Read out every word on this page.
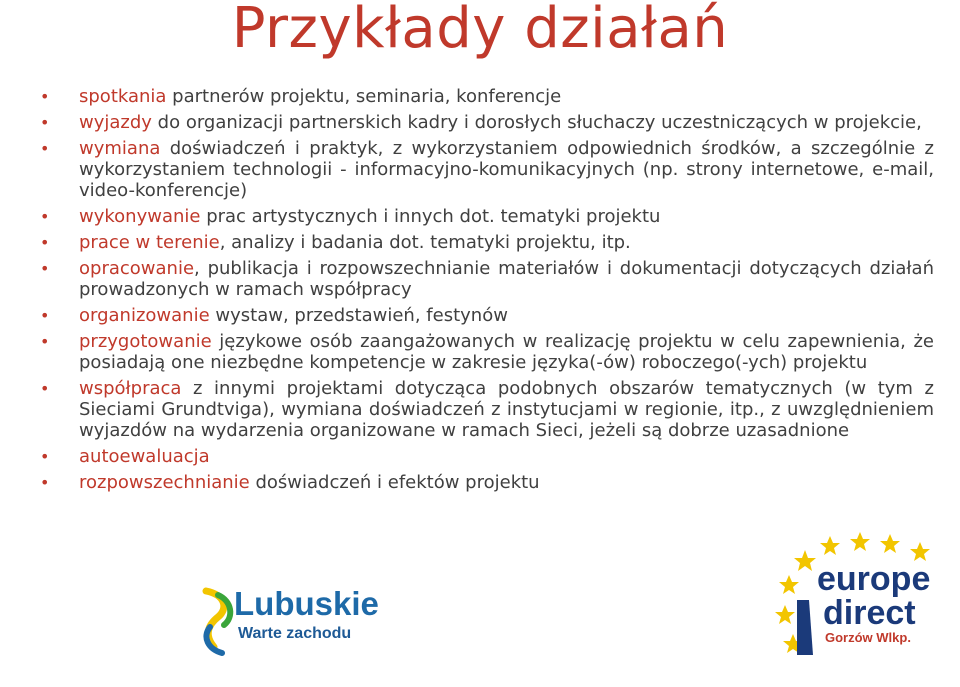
Przykłady działań
• spotkania partnerów projektu, seminaria, konferencje
• wyjazdy do organizacji partnerskich kadry i dorosłych słuchaczy uczestniczących w projekcie,
• wymiana doświadczeń i praktyk, z wykorzystaniem odpowiednich środków, a szczególnie z wykorzystaniem technologii - informacyjno-komunikacyjnych (np. strony internetowe, e-mail, video-konferencje)
• wykonywanie prac artystycznych i innych dot. tematyki projektu
• prace w terenie, analizy i badania dot. tematyki projektu, itp.
• opracowanie, publikacja i rozpowszechnianie materiałów i dokumentacji dotyczących działań prowadzonych w ramach współpracy
• organizowanie wystaw, przedstawień, festynów
• przygotowanie językowe osób zaangażowanych w realizację projektu w celu zapewnienia, że posiadają one niezbędne kompetencje w zakresie języka(-ów) roboczego(-ych) projektu
• współpraca z innymi projektami dotycząca podobnych obszarów tematycznych (w tym z Sieciami Grundtviga), wymiana doświadczeń z instytucjami w regionie, itp., z uwzględnieniem wyjazdów na wydarzenia organizowane w ramach Sieci, jeżeli są dobrze uzasadnione
• autoewaluacja
• rozpowszechnianie doświadczeń i efektów projektu
Lubuskie
Warte zachodu
europe
direct
Gorzów Wlkp.
